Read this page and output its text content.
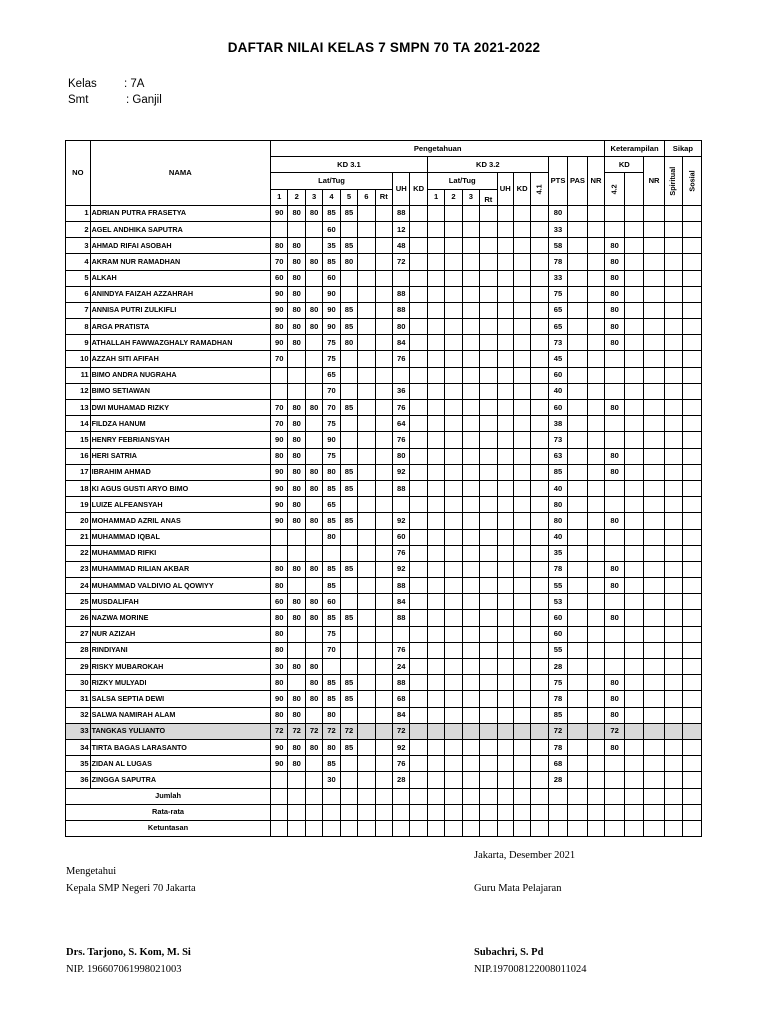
DAFTAR NILAI KELAS 7 SMPN 70 TA 2021-2022
Kelas : 7A
Smt	: Ganjil
NO	NAMA	Pengetahuan																			Keterampilan			Sikap	
		KD 3.1									KD 3.2							PTS	PAS	NR	KD		NR	Spiritual	Sosial
		Lat/Tug							UH	KD	Lat/Tug				UH	KD	4.1				4.2				
		1	2	3	4	5	6	Rt			1	2	3	Rt											
1	ADRIAN PUTRA FRASETYA	90	80	80	85	85			88									80							
2	AGEL ANDHIKA SAPUTRA				60				12									33							
3	AHMAD RIFAI ASOBAH	80	80		35	85			48									58			80				
4	AKRAM NUR RAMADHAN	70	80	80	85	80			72									78			80				
5	ALKAH	60	80		60													33			80				
6	ANINDYA FAIZAH AZZAHRAH	90	80		90				88									75			80				
7	ANNISA PUTRI ZULKIFLI	90	80	80	90	85			88									65			80				
8	ARGA PRATISTA	80	80	80	90	85			80									65			80				
9	ATHALLAH FAWWAZGHALY RAMADHAN	90	80		75	80			84									73			80				
10	AZZAH SITI AFIFAH	70			75				76									45							
11	BIMO ANDRA NUGRAHA				65													60							
12	BIMO SETIAWAN				70				36									40							
13	DWI MUHAMAD RIZKY	70	80	80	70	85			76									60			80				
14	FILDZA HANUM	70	80		75				64									38							
15	HENRY FEBRIANSYAH	90	80		90				76									73							
16	HERI SATRIA	80	80		75				80									63			80				
17	IBRAHIM AHMAD	90	80	80	80	85			92									85			80				
18	KI AGUS GUSTI ARYO BIMO	90	80	80	85	85			88									40							
19	LUIZE ALFEANSYAH	90	80		65													80							
20	MOHAMMAD AZRIL ANAS	90	80	80	85	85			92									80			80				
21	MUHAMMAD IQBAL				80				60									40							
22	MUHAMMAD RIFKI								76									35							
23	MUHAMMAD RILIAN AKBAR	80	80	80	85	85			92									78			80				
24	MUHAMMAD VALDIVIO AL QOWIYY	80			85				88									55			80				
25	MUSDALIFAH	60	80	80	60				84									53							
26	NAZWA MORINE	80	80	80	85	85			88									60			80				
27	NUR AZIZAH	80			75													60							
28	RINDIYANI	80			70				76									55							
29	RISKY MUBAROKAH	30	80	80					24									28							
30	RIZKY MULYADI	80		80	85	85			88									75			80				
31	SALSA SEPTIA DEWI	90	80	80	85	85			68									78			80				
32	SALWA NAMIRAH ALAM	80	80		80				84									85			80				
33	TANGKAS YULIANTO	72	72	72	72	72			72									72			72				
34	TIRTA BAGAS LARASANTO	90	80	80	80	85			92									78			80				
35	ZIDAN AL LUGAS	90	80		85				76									68							
36	ZINGGA SAPUTRA				30				28									28							
Jumlah																									
Rata-rata																									
Ketuntasan																									
Jakarta, Desember 2021
Mengetahui
Kepala SMP Negeri 70 Jakarta	Guru Mata Pelajaran
Drs. Tarjono, S. Kom, M. Si
NIP. 196607061998021003
Subachri, S. Pd
NIP.197008122008011024
